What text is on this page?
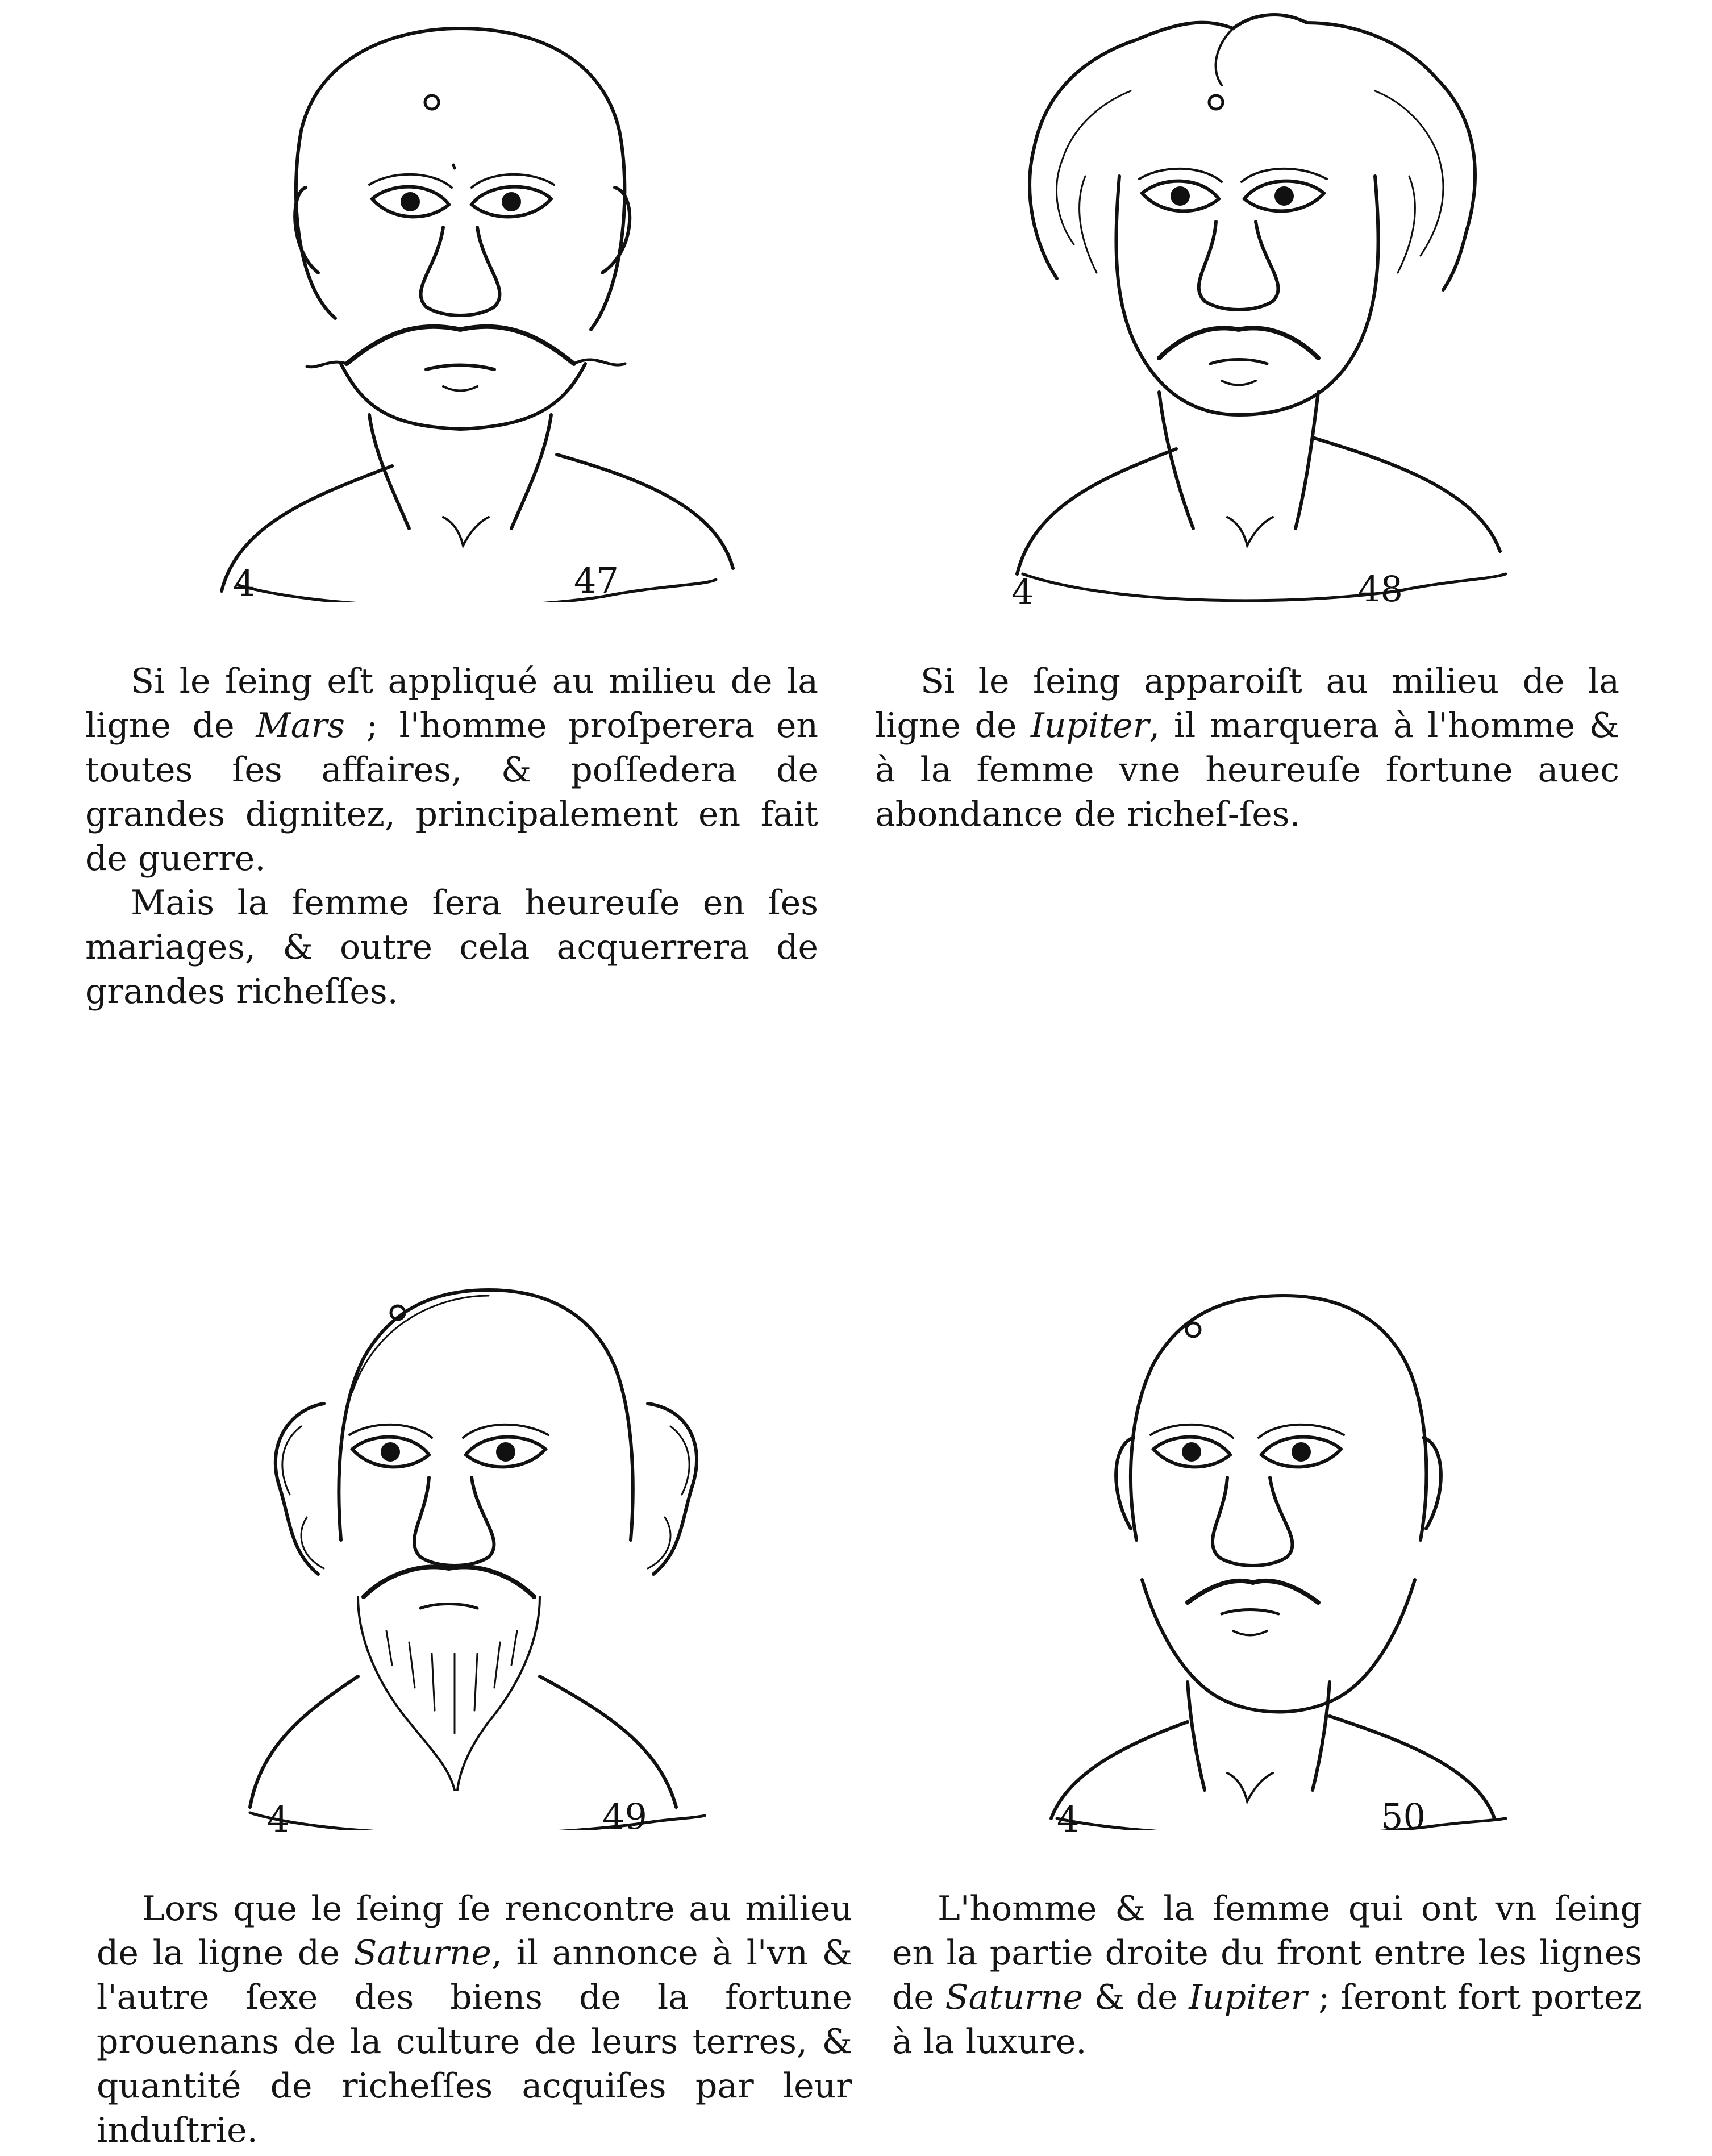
4	47	4	48

Si le ſeing eſt appliqué au milieu de la ligne de Mars ; l'homme proſperera en toutes ſes affaires, & poſſedera de grandes dignitez, principalement en fait de guerre.

Mais la femme ſera heureuſe en ſes mariages, & outre cela acquerrera de grandes richeſſes.

Si le ſeing apparoiſt au milieu de la ligne de Iupiter, il marquera à l'homme & à la femme vne heureuſe fortune auec abondance de richeſ-ſes.

4	49	4	50

Lors que le ſeing ſe rencontre au milieu de la ligne de Saturne, il annonce à l'vn & l'autre ſexe des biens de la fortune prouenans de la culture de leurs terres, & quantité de richeſſes acquiſes par leur induſtrie.

L'homme & la femme qui ont vn ſeing en la partie droite du front entre les lignes de Saturne & de Iupiter ; ſeront fort portez à la luxure.
